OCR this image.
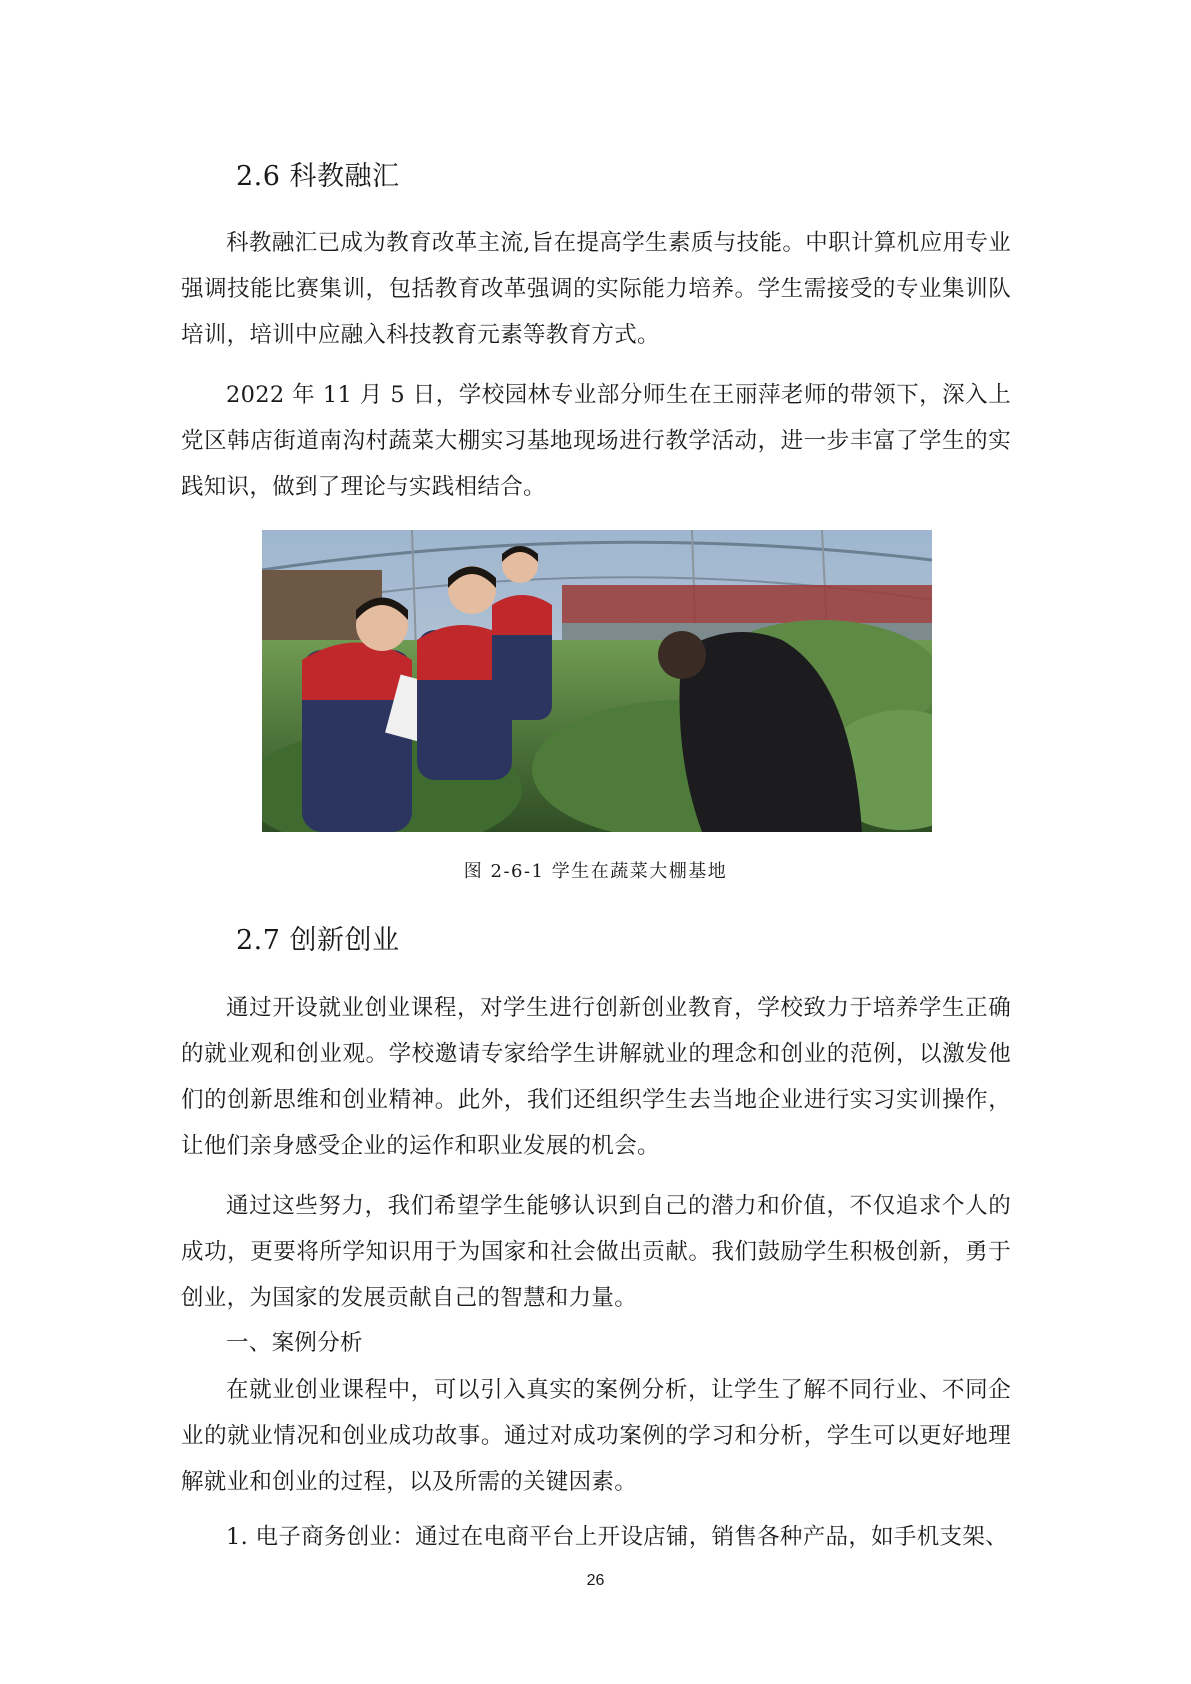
2.6 科教融汇

科教融汇已成为教育改革主流,旨在提高学生素质与技能。中职计算机应用专业强调技能比赛集训，包括教育改革强调的实际能力培养。学生需接受的专业集训队培训，培训中应融入科技教育元素等教育方式。

2022 年 11 月 5 日，学校园林专业部分师生在王丽萍老师的带领下，深入上党区韩店街道南沟村蔬菜大棚实习基地现场进行教学活动，进一步丰富了学生的实践知识，做到了理论与实践相结合。

图 2-6-1 学生在蔬菜大棚基地
2.7 创新创业

通过开设就业创业课程，对学生进行创新创业教育，学校致力于培养学生正确的就业观和创业观。学校邀请专家给学生讲解就业的理念和创业的范例，以激发他们的创新思维和创业精神。此外，我们还组织学生去当地企业进行实习实训操作，让他们亲身感受企业的运作和职业发展的机会。

通过这些努力，我们希望学生能够认识到自己的潜力和价值，不仅追求个人的成功，更要将所学知识用于为国家和社会做出贡献。我们鼓励学生积极创新，勇于创业，为国家的发展贡献自己的智慧和力量。

一、案例分析

在就业创业课程中，可以引入真实的案例分析，让学生了解不同行业、不同企业的就业情况和创业成功故事。通过对成功案例的学习和分析，学生可以更好地理解就业和创业的过程，以及所需的关键因素。

1. 电子商务创业：通过在电商平台上开设店铺，销售各种产品，如手机支架、
26
